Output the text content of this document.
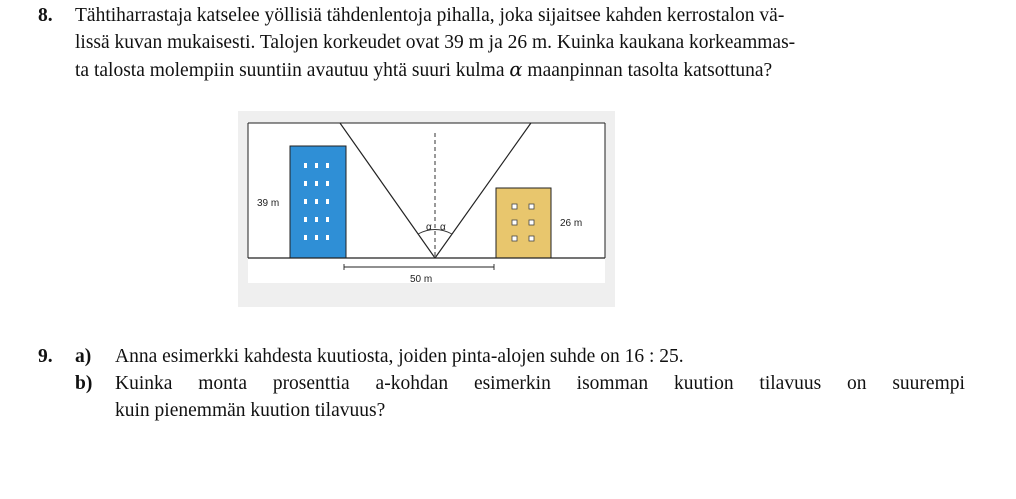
8. Tähtiharrastaja katselee yöllisiä tähdenlentoja pihalla, joka sijaitsee kahden kerrostalon vä-
lissä kuvan mukaisesti. Talojen korkeudet ovat 39 m ja 26 m. Kuinka kaukana korkeammas-
ta talosta molempiin suuntiin avautuu yhtä suuri kulma α maanpinnan tasolta katsottuna?
α α
39 m
26 m
50 m
9.	a)	Anna esimerkki kahdesta kuutiosta, joiden pinta-alojen suhde on 16 : 25.
b)	Kuinka monta prosenttia a-kohdan esimerkin isomman kuution tilavuus on suurempi
kuin pienemmän kuution tilavuus?
